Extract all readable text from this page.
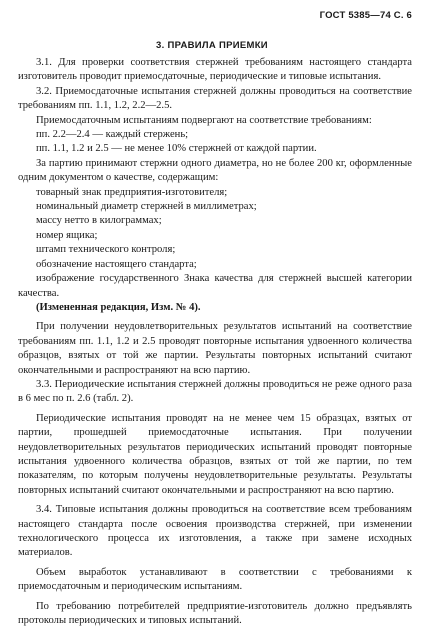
ГОСТ 5385—74 С. 6
3. ПРАВИЛА ПРИЕМКИ

3.1. Для проверки соответствия стержней требованиям настоящего стандарта изготовитель проводит приемосдаточные, периодические и типовые испытания.

3.2. Приемосдаточные испытания стержней должны проводиться на соответствие требованиям пп. 1.1, 1.2, 2.2—2.5.

Приемосдаточным испытаниям подвергают на соответствие требованиям:

пп. 2.2—2.4 — каждый стержень;

пп. 1.1, 1.2 и 2.5 — не менее 10% стержней от каждой партии.

За партию принимают стержни одного диаметра, но не более 200 кг, оформленные одним документом о качестве, содержащим:

товарный знак предприятия-изготовителя;

номинальный диаметр стержней в миллиметрах;

массу нетто в килограммах;

номер ящика;

штамп технического контроля;

обозначение настоящего стандарта;

изображение государственного Знака качества для стержней высшей категории качества.

(Измененная редакция, Изм. № 4).

При получении неудовлетворительных результатов испытаний на соответствие требованиям пп. 1.1, 1.2 и 2.5 проводят повторные испытания удвоенного количества образцов, взятых от той же партии. Результаты повторных испытаний считают окончательными и распространяют на всю партию.

3.3. Периодические испытания стержней должны проводиться не реже одного раза в 6 мес по п. 2.6 (табл. 2).

Периодические испытания проводят на не менее чем 15 образцах, взятых от партии, прошедшей приемосдаточные испытания. При получении неудовлетворительных результатов периодических испытаний проводят повторные испытания удвоенного количества образцов, взятых от той же партии, по тем показателям, по которым получены неудовлетворительные результаты. Результаты повторных испытаний считают окончательными и распространяют на всю партию.

3.4. Типовые испытания должны проводиться на соответствие всем требованиям настоящего стандарта после освоения производства стержней, при изменении технологического процесса их изготовления, а также при замене исходных материалов.

Объем выработок устанавливают в соответствии с требованиями к приемосдаточным и периодическим испытаниям.

По требованию потребителей предприятие-изготовитель должно предъявлять протоколы периодических и типовых испытаний.
